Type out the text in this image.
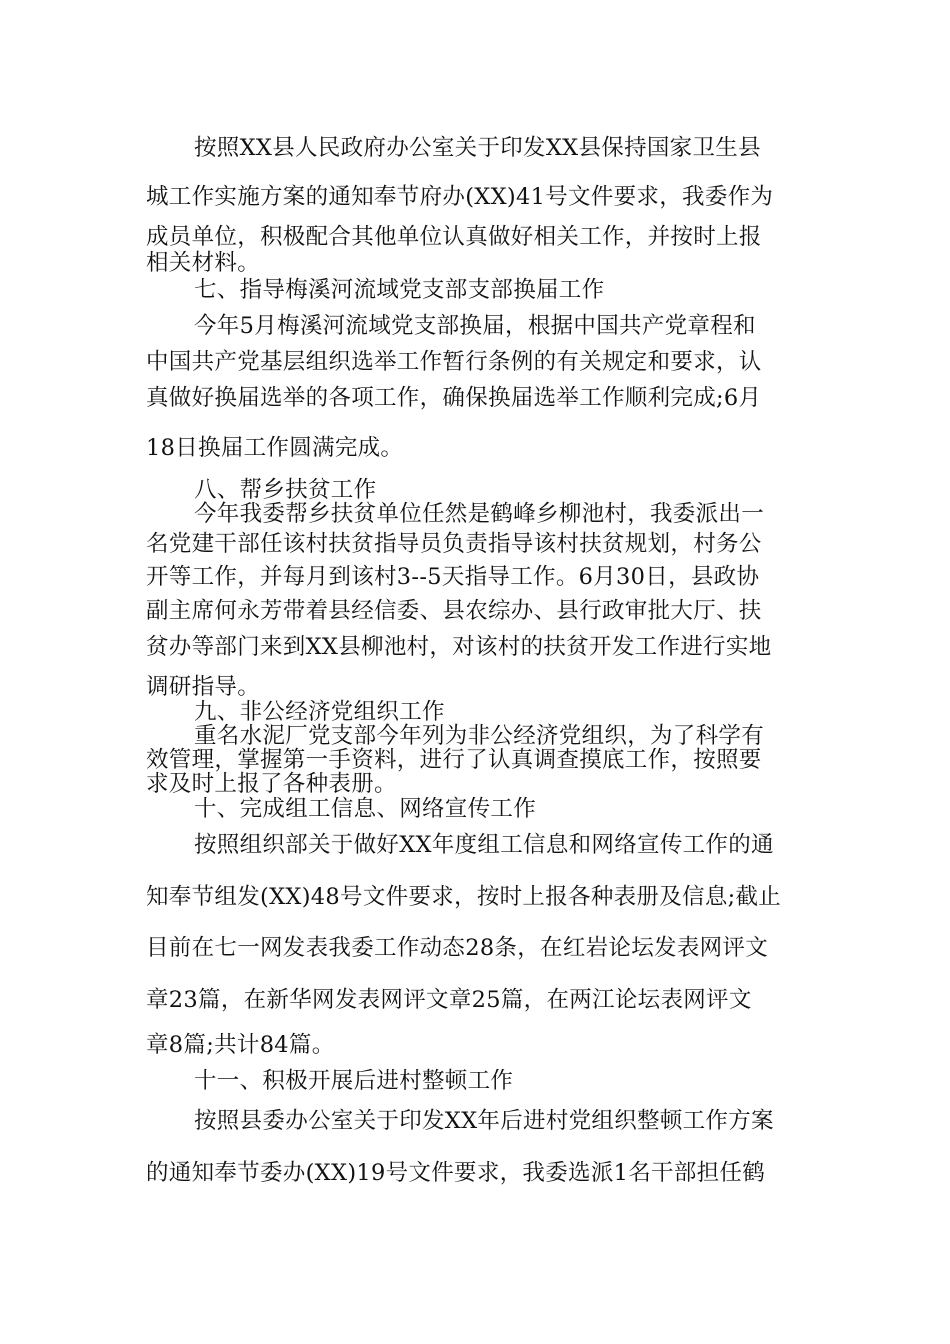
按照XX县人民政府办公室关于印发XX县保持国家卫生县
城工作实施方案的通知奉节府办(XX)41号文件要求，我委作为
成员单位，积极配合其他单位认真做好相关工作，并按时上报
相关材料。
七、指导梅溪河流域党支部支部换届工作
今年5月梅溪河流域党支部换届，根据中国共产党章程和
中国共产党基层组织选举工作暂行条例的有关规定和要求，认
真做好换届选举的各项工作，确保换届选举工作顺利完成;6月
18日换届工作圆满完成。
八、帮乡扶贫工作
今年我委帮乡扶贫单位任然是鹤峰乡柳池村，我委派出一
名党建干部任该村扶贫指导员负责指导该村扶贫规划，村务公
开等工作，并每月到该村3--5天指导工作。6月30日，县政协
副主席何永芳带着县经信委、县农综办、县行政审批大厅、扶
贫办等部门来到XX县柳池村，对该村的扶贫开发工作进行实地
调研指导。
九、非公经济党组织工作
重名水泥厂党支部今年列为非公经济党组织，为了科学有
效管理，掌握第一手资料，进行了认真调查摸底工作，按照要
求及时上报了各种表册。
十、完成组工信息、网络宣传工作
按照组织部关于做好XX年度组工信息和网络宣传工作的通
知奉节组发(XX)48号文件要求，按时上报各种表册及信息;截止
目前在七一网发表我委工作动态28条，在红岩论坛发表网评文
章23篇，在新华网发表网评文章25篇，在两江论坛表网评文
章8篇;共计84篇。
十一、积极开展后进村整顿工作
按照县委办公室关于印发XX年后进村党组织整顿工作方案
的通知奉节委办(XX)19号文件要求，我委选派1名干部担任鹤
